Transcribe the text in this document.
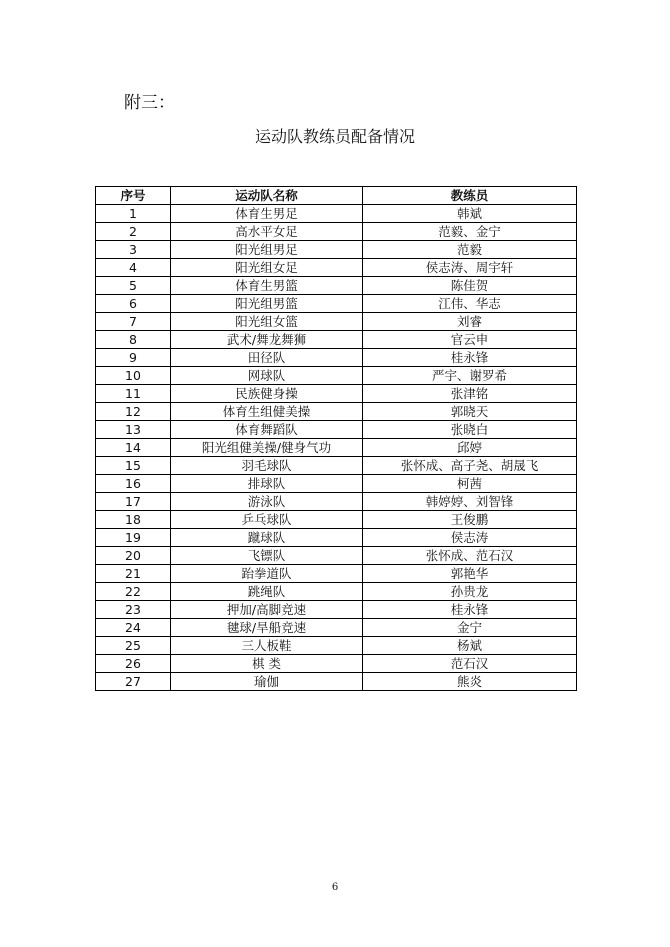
附三：
运动队教练员配备情况
序号	运动队名称	教练员
1	体育生男足	韩斌
2	高水平女足	范毅、金宁
3	阳光组男足	范毅
4	阳光组女足	侯志涛、周宇轩
5	体育生男篮	陈佳贺
6	阳光组男篮	江伟、华志
7	阳光组女篮	刘睿
8	武术/舞龙舞狮	官云申
9	田径队	桂永锋
10	网球队	严宇、谢罗希
11	民族健身操	张津铭
12	体育生组健美操	郭晓天
13	体育舞蹈队	张晓白
14	阳光组健美操/健身气功	邱婷
15	羽毛球队	张怀成、高子尧、胡晟飞
16	排球队	柯茜
17	游泳队	韩婷婷、刘智锋
18	乒乓球队	王俊鹏
19	蹴球队	侯志涛
20	飞镖队	张怀成、范石汉
21	跆拳道队	郭艳华
22	跳绳队	孙贵龙
23	押加/高脚竞速	桂永锋
24	毽球/旱船竞速	金宁
25	三人板鞋	杨斌
26	棋 类	范石汉
27	瑜伽	熊炎
6
